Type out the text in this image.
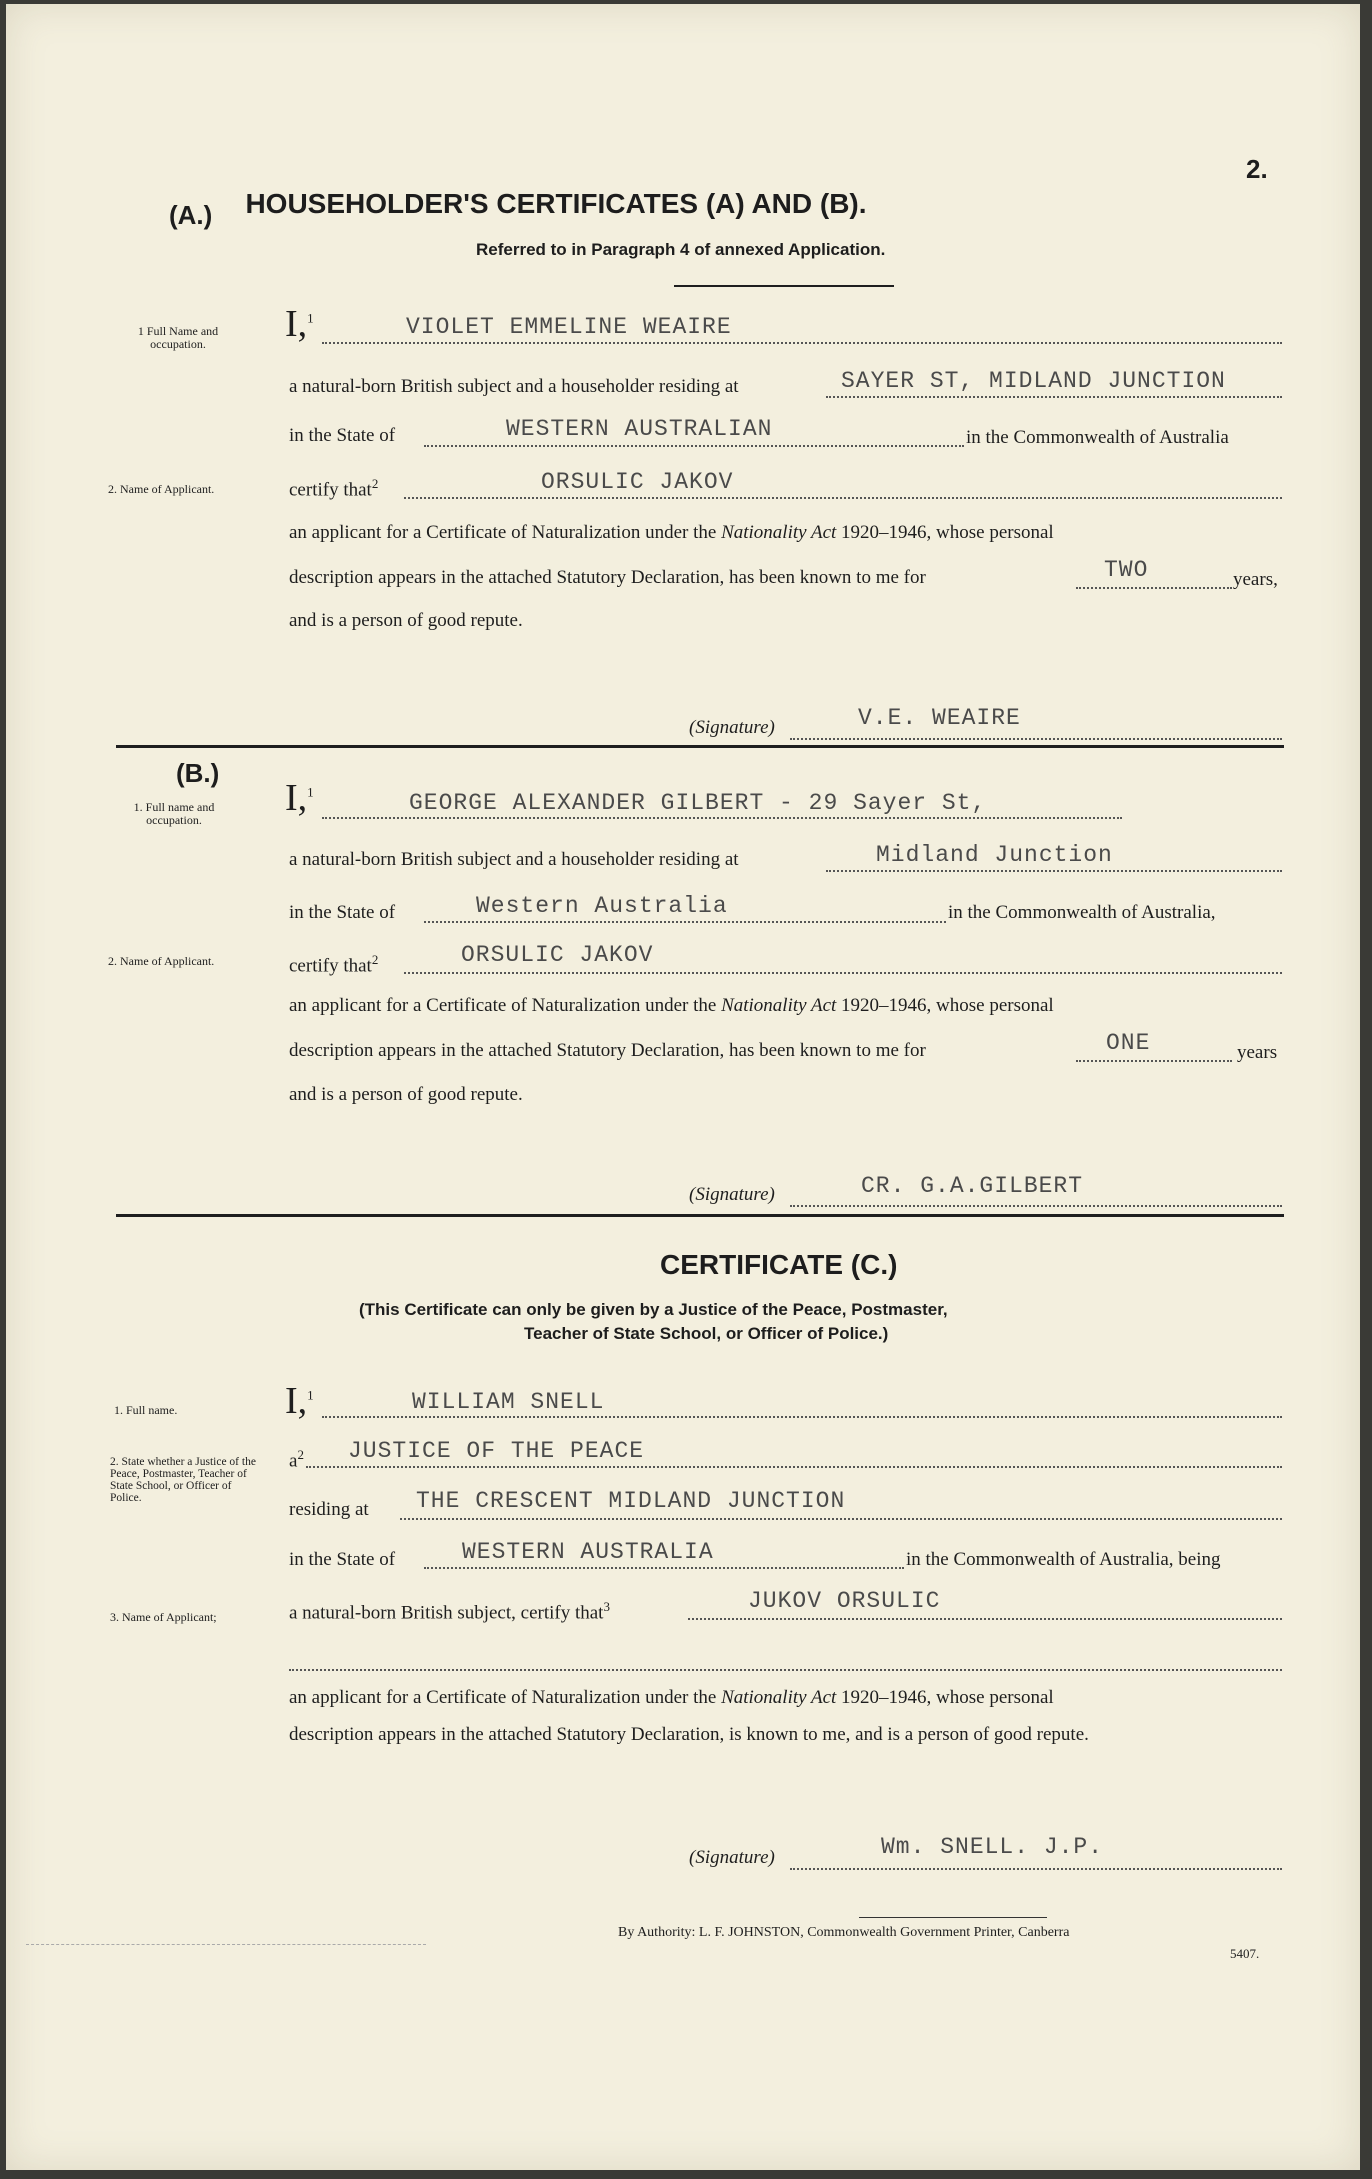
2.
(A.)	HOUSEHOLDER'S CERTIFICATES (A) AND (B).
Referred to in Paragraph 4 of annexed Application.
1 Full Name and occupation.
2. Name of Applicant.
I,$^1$	VIOLET EMMELINE WEAIRE
a natural-born British subject and a householder residing at	SAYER ST, MIDLAND JUNCTION
in the State of	WESTERN AUSTRALIAN	in the Commonwealth of Australia
certify that$^2$	ORSULIC JAKOV
an applicant for a Certificate of Naturalization under the Nationality Act 1920–1946, whose personal
description appears in the attached Statutory Declaration, has been known to me for	TWO	years,
and is a person of good repute.
(Signature)	V.E. WEAIRE
(B.)
1. Full name and occupation.
2. Name of Applicant.
I,$^1$	GEORGE ALEXANDER GILBERT - 29 Sayer St,
a natural-born British subject and a householder residing at	Midland Junction
in the State of	Western Australia	in the Commonwealth of Australia,
certify that$^2$	ORSULIC JAKOV
an applicant for a Certificate of Naturalization under the Nationality Act 1920–1946, whose personal
description appears in the attached Statutory Declaration, has been known to me for	ONE	years
and is a person of good repute.
(Signature)	CR. G.A.GILBERT
CERTIFICATE (C.)
(This Certificate can only be given by a Justice of the Peace, Postmaster,
Teacher of State School, or Officer of Police.)
1. Full name.
2. State whether a Justice of the Peace, Postmaster, Teacher of State School, or Officer of Police.
3. Name of Applicant;
I,$^1$	WILLIAM SNELL
$a^2$ JUSTICE OF THE PEACE
residing at THE CRESCENT MIDLAND JUNCTION
in the State of	WESTERN AUSTRALIA	in the Commonwealth of Australia, being
a natural-born British subject, certify that$^3$	JUKOV ORSULIC
an applicant for a Certificate of Naturalization under the Nationality Act 1920–1946, whose personal
description appears in the attached Statutory Declaration, is known to me, and is a person of good repute.
(Signature)	Wm. SNELL. J.P.
By Authority: L. F. JOHNSTON, Commonwealth Government Printer, Canberra
5407.
